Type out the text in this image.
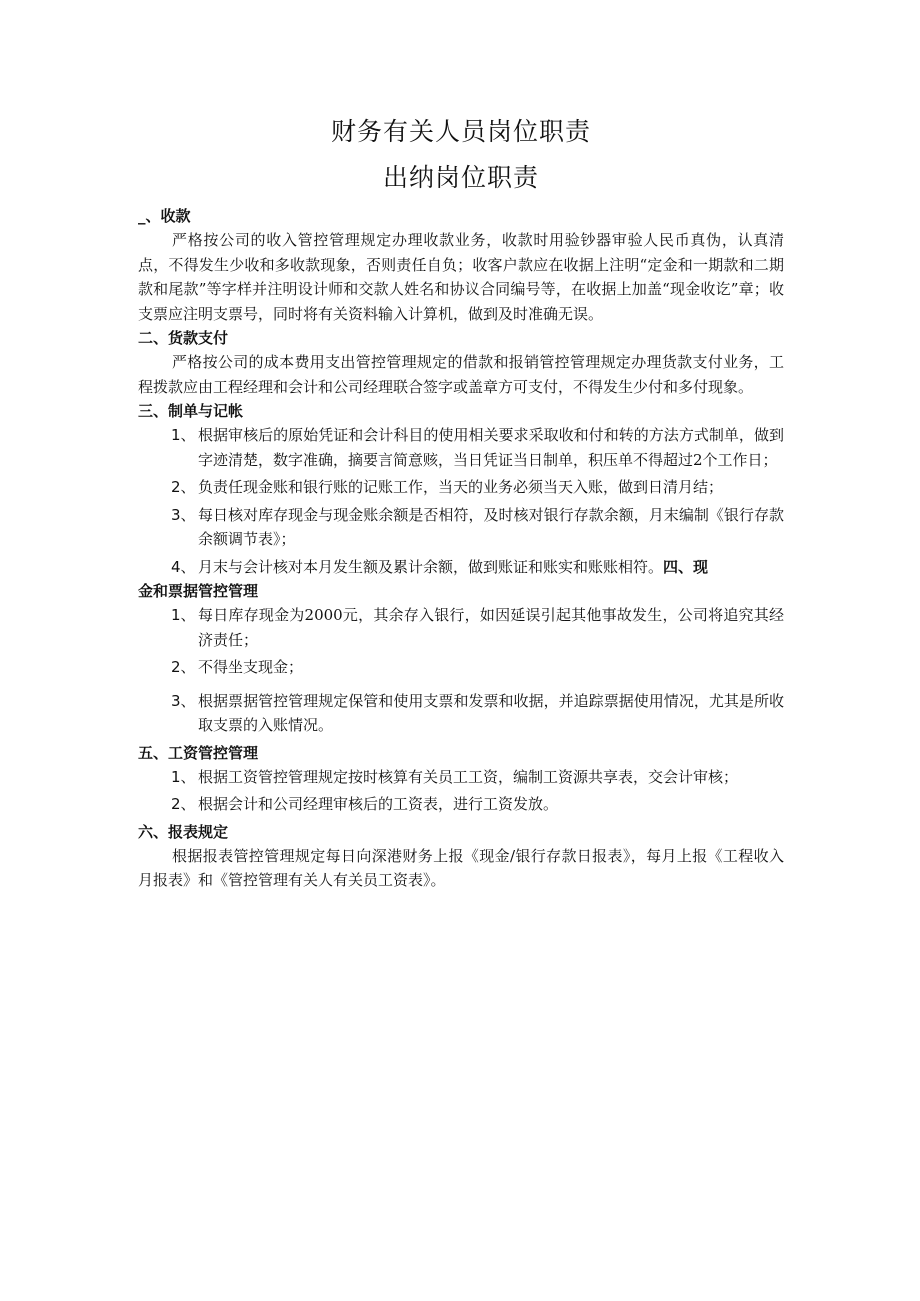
财务有关人员岗位职责
出纳岗位职责

_、收款

严格按公司的收入管控管理规定办理收款业务，收款时用验钞器审验人民币真伪，认真清点，不得发生少收和多收款现象，否则责任自负；收客户款应在收据上注明“定金和一期款和二期款和尾款”等字样并注明设计师和交款人姓名和协议合同编号等，在收据上加盖“现金收讫”章；收支票应注明支票号，同时将有关资料输入计算机，做到及时准确无误。

二、货款支付

严格按公司的成本费用支出管控管理规定的借款和报销管控管理规定办理货款支付业务，工程拨款应由工程经理和会计和公司经理联合签字或盖章方可支付，不得发生少付和多付现象。

三、制单与记帐

1、 根据审核后的原始凭证和会计科目的使用相关要求采取收和付和转的方法方式制单，做到字迹清楚，数字准确，摘要言简意赅，当日凭证当日制单，积压单不得超过2个工作日；

2、 负责任现金账和银行账的记账工作，当天的业务必须当天入账，做到日清月结；

3、 每日核对库存现金与现金账余额是否相符，及时核对银行存款余额，月末编制《银行存款余额调节表》；

4、 月末与会计核对本月发生额及累计余额，做到账证和账实和账账相符。四、现

金和票据管控管理

1、 每日库存现金为2000元，其余存入银行，如因延误引起其他事故发生，公司将追究其经济责任；

2、 不得坐支现金；

3、 根据票据管控管理规定保管和使用支票和发票和收据，并追踪票据使用情况，尤其是所收取支票的入账情况。

五、工资管控管理

1、 根据工资管控管理规定按时核算有关员工工资，编制工资源共享表，交会计审核；

2、 根据会计和公司经理审核后的工资表，进行工资发放。

六、报表规定

根据报表管控管理规定每日向深港财务上报《现金/银行存款日报表》，每月上报《工程收入月报表》和《管控管理有关人有关员工资表》。
